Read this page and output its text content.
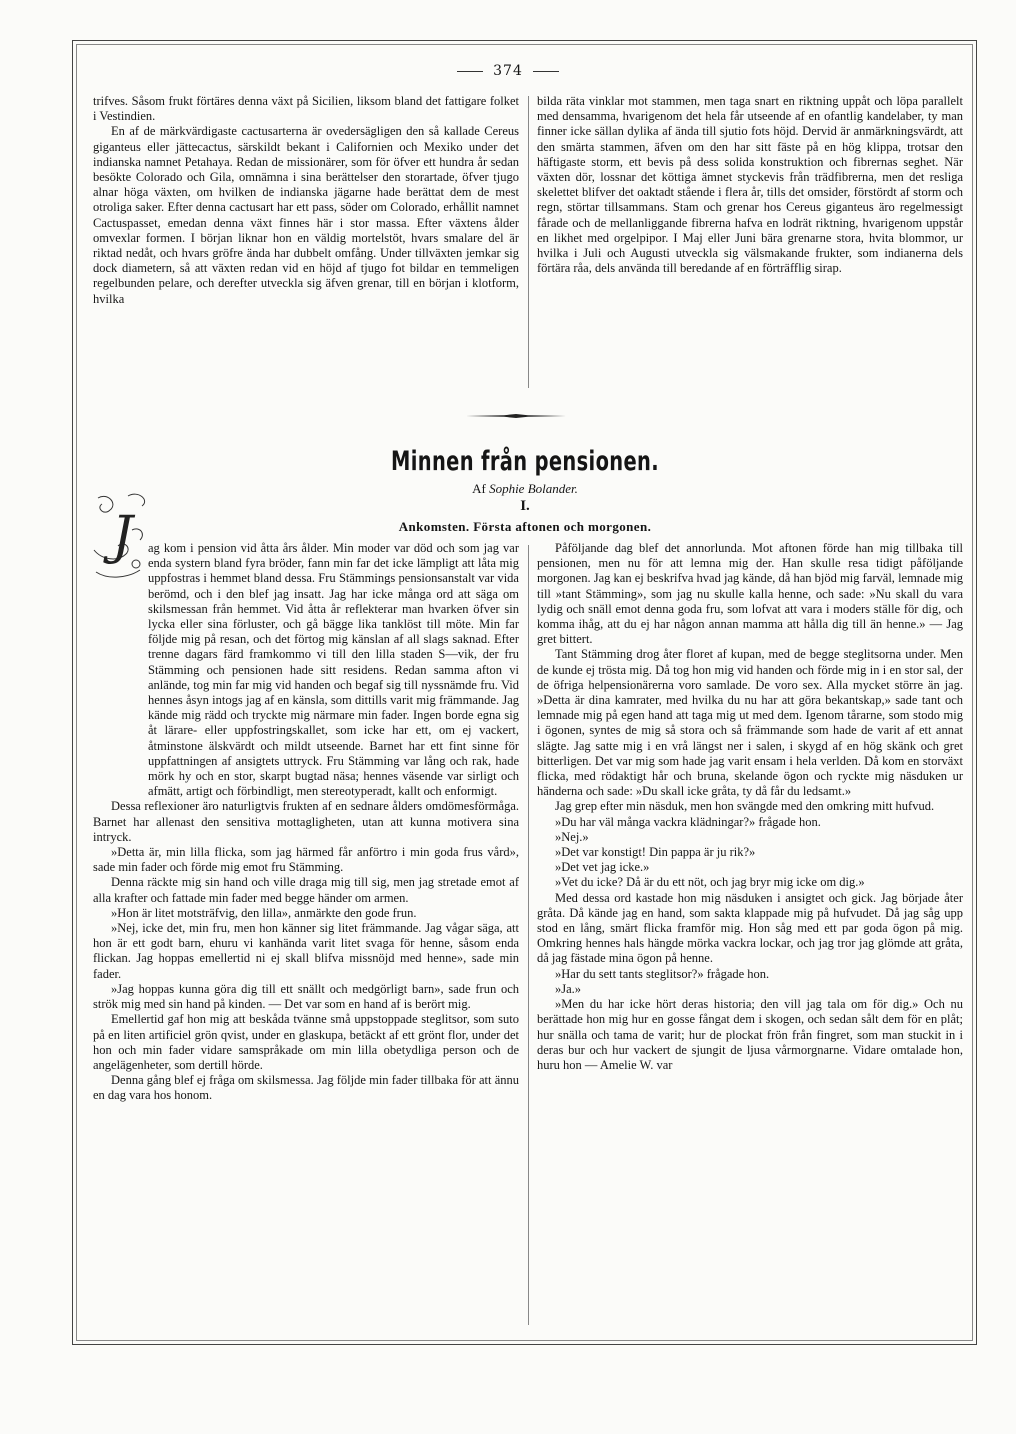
374

trifves. Såsom frukt förtäres denna växt på Sicilien, liksom bland det fattigare folket i Vestindien.

En af de märkvärdigaste cactusarterna är ovedersägligen den så kallade Cereus giganteus eller jättecactus, särskildt bekant i Californien och Mexiko under det indianska namnet Petahaya. Redan de missionärer, som för öfver ett hundra år sedan besökte Colorado och Gila, omnämna i sina berättelser den storartade, öfver tjugo alnar höga växten, om hvilken de indianska jägarne hade berättat dem de mest otroliga saker. Efter denna cactusart har ett pass, söder om Colorado, erhållit namnet Cactuspasset, emedan denna växt finnes här i stor massa. Efter växtens ålder omvexlar formen. I början liknar hon en väldig mortelstöt, hvars smalare del är riktad nedåt, och hvars gröfre ända har dubbelt omfång. Under tillväxten jemkar sig dock diametern, så att växten redan vid en höjd af tjugo fot bildar en temmeligen regelbunden pelare, och derefter utveckla sig äfven grenar, till en början i klotform, hvilka

bilda räta vinklar mot stammen, men taga snart en riktning uppåt och löpa parallelt med densamma, hvarigenom det hela får utseende af en ofantlig kandelaber, ty man finner icke sällan dylika af ända till sjutio fots höjd. Dervid är anmärkningsvärdt, att den smärta stammen, äfven om den har sitt fäste på en hög klippa, trotsar den häftigaste storm, ett bevis på dess solida konstruktion och fibrernas seghet. När växten dör, lossnar det köttiga ämnet styckevis från trädfibrerna, men det resliga skelettet blifver det oaktadt stående i flera år, tills det omsider, förstördt af storm och regn, störtar tillsammans. Stam och grenar hos Cereus giganteus äro regelmessigt fårade och de mellanliggande fibrerna hafva en lodrät riktning, hvarigenom uppstår en likhet med orgelpipor. I Maj eller Juni bära grenarne stora, hvita blommor, ur hvilka i Juli och Augusti utveckla sig välsmakande frukter, som indianerna dels förtära råa, dels använda till beredande af en förträfflig sirap.

Minnen från pensionen.
Af Sophie Bolander.
I.
Ankomsten. Första aftonen och morgonen.
J	ag kom i pension vid åtta års ålder. Min moder var död och som jag var enda systern bland fyra bröder, fann min far det icke lämpligt att låta mig uppfostras i hemmet bland dessa. Fru Stämmings pensionsanstalt var vida berömd, och i den blef jag insatt. Jag har icke många ord att säga om skilsmessan från hemmet. Vid åtta år reflekterar man hvarken öfver sin lycka eller sina förluster, och gå bägge lika tanklöst till möte. Min far följde mig på resan, och det förtog mig känslan af all slags saknad. Efter trenne dagars färd framkommo vi till den lilla staden S—vik, der fru Stämming och pensionen hade sitt residens. Redan samma afton vi anlände, tog min far mig vid handen och begaf sig till nyssnämde fru. Vid hennes åsyn intogs jag af en känsla, som dittills varit mig främmande. Jag kände mig rädd och tryckte mig närmare min fader. Ingen borde egna sig åt lärare- eller uppfostringskallet, som icke har ett, om ej vackert, åtminstone älskvärdt och mildt utseende. Barnet har ett fint sinne för uppfattningen af ansigtets uttryck. Fru Stämming var lång och rak, hade mörk hy och en stor, skarpt bugtad näsa; hennes väsende var sirligt och afmätt, artigt och förbindligt, men stereotyperadt, kallt och enformigt.

Dessa reflexioner äro naturligtvis frukten af en sednare ålders omdömesförmåga. Barnet har allenast den sensitiva mottagligheten, utan att kunna motivera sina intryck.

»Detta är, min lilla flicka, som jag härmed får anförtro i min goda frus vård», sade min fader och förde mig emot fru Stämming.

Denna räckte mig sin hand och ville draga mig till sig, men jag stretade emot af alla krafter och fattade min fader med begge händer om armen.

»Hon är litet motsträfvig, den lilla», anmärkte den gode frun.

»Nej, icke det, min fru, men hon känner sig litet främmande. Jag vågar säga, att hon är ett godt barn, ehuru vi kanhända varit litet svaga för henne, såsom enda flickan. Jag hoppas emellertid ni ej skall blifva missnöjd med henne», sade min fader.

»Jag hoppas kunna göra dig till ett snällt och medgörligt barn», sade frun och strök mig med sin hand på kinden. — Det var som en hand af is berört mig.

Emellertid gaf hon mig att beskåda tvänne små uppstoppade steglitsor, som suto på en liten artificiel grön qvist, under en glaskupa, betäckt af ett grönt flor, under det hon och min fader vidare samspråkade om min lilla obetydliga person och de angelägenheter, som dertill hörde.

Denna gång blef ej fråga om skilsmessa. Jag följde min fader tillbaka för att ännu en dag vara hos honom.

Påföljande dag blef det annorlunda. Mot aftonen förde han mig tillbaka till pensionen, men nu för att lemna mig der. Han skulle resa tidigt påföljande morgonen. Jag kan ej beskrifva hvad jag kände, då han bjöd mig farväl, lemnade mig till »tant Stämming», som jag nu skulle kalla henne, och sade: »Nu skall du vara lydig och snäll emot denna goda fru, som lofvat att vara i moders ställe för dig, och komma ihåg, att du ej har någon annan mamma att hålla dig till än henne.» — Jag gret bittert.

Tant Stämming drog åter floret af kupan, med de begge steglitsorna under. Men de kunde ej trösta mig. Då tog hon mig vid handen och förde mig in i en stor sal, der de öfriga helpensionärerna voro samlade. De voro sex. Alla mycket större än jag. »Detta är dina kamrater, med hvilka du nu har att göra bekantskap,» sade tant och lemnade mig på egen hand att taga mig ut med dem. Igenom tårarne, som stodo mig i ögonen, syntes de mig så stora och så främmande som hade de varit af ett annat slägte. Jag satte mig i en vrå längst ner i salen, i skygd af en hög skänk och gret bitterligen. Det var mig som hade jag varit ensam i hela verlden. Då kom en storväxt flicka, med rödaktigt hår och bruna, skelande ögon och ryckte mig näsduken ur händerna och sade: »Du skall icke gråta, ty då får du ledsamt.»

Jag grep efter min näsduk, men hon svängde med den omkring mitt hufvud.

»Du har väl många vackra klädningar?» frågade hon.

»Nej.»

»Det var konstigt! Din pappa är ju rik?»

»Det vet jag icke.»

»Vet du icke? Då är du ett nöt, och jag bryr mig icke om dig.»

Med dessa ord kastade hon mig näsduken i ansigtet och gick. Jag började åter gråta. Då kände jag en hand, som sakta klappade mig på hufvudet. Då jag såg upp stod en lång, smärt flicka framför mig. Hon såg med ett par goda ögon på mig. Omkring hennes hals hängde mörka vackra lockar, och jag tror jag glömde att gråta, då jag fästade mina ögon på henne.

»Har du sett tants steglitsor?» frågade hon.

»Ja.»

»Men du har icke hört deras historia; den vill jag tala om för dig.» Och nu berättade hon mig hur en gosse fångat dem i skogen, och sedan sålt dem för en plåt; hur snälla och tama de varit; hur de plockat frön från fingret, som man stuckit in i deras bur och hur vackert de sjungit de ljusa vårmorgnarne. Vidare omtalade hon, huru hon — Amelie W. var
